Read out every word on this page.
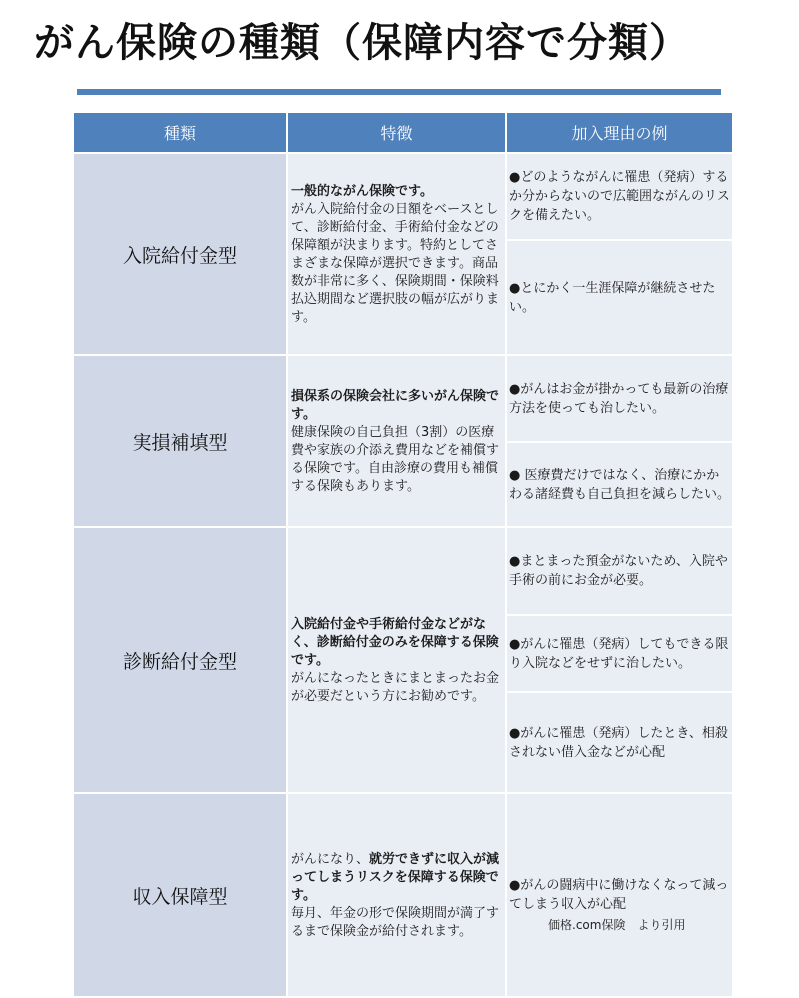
がん保険の種類（保障内容で分類）
種類	特徴	加入理由の例
入院給付金型
一般的ながん保険です。
がん入院給付金の日額をベースとして、診断給付金、手術給付金などの保障額が決まります。特約としてさまざまな保障が選択できます。商品数が非常に多く、保険期間・保険料払込期間など選択肢の幅が広がります。
●どのようながんに罹患（発病）するか分からないので広範囲ながんのリスクを備えたい。
●とにかく一生涯保障が継続させたい。
実損補填型
損保系の保険会社に多いがん保険です。
健康保険の自己負担（3割）の医療費や家族の介添え費用などを補償する保険です。自由診療の費用も補償する保険もあります。
●がんはお金が掛かっても最新の治療方法を使っても治したい。
● 医療費だけではなく、治療にかかわる諸経費も自己負担を減らしたい。
診断給付金型
入院給付金や手術給付金などがなく、診断給付金のみを保障する保険です。
がんになったときにまとまったお金が必要だという方にお勧めです。
●まとまった預金がないため、入院や手術の前にお金が必要。
●がんに罹患（発病）してもできる限り入院などをせずに治したい。
●がんに罹患（発病）したとき、相殺されない借入金などが心配
収入保障型
がんになり、就労できずに収入が減ってしまうリスクを保障する保険です。
毎月、年金の形で保険期間が満了するまで保険金が給付されます。
●がんの闘病中に働けなくなって減ってしまう収入が心配
価格.com保険　より引用
